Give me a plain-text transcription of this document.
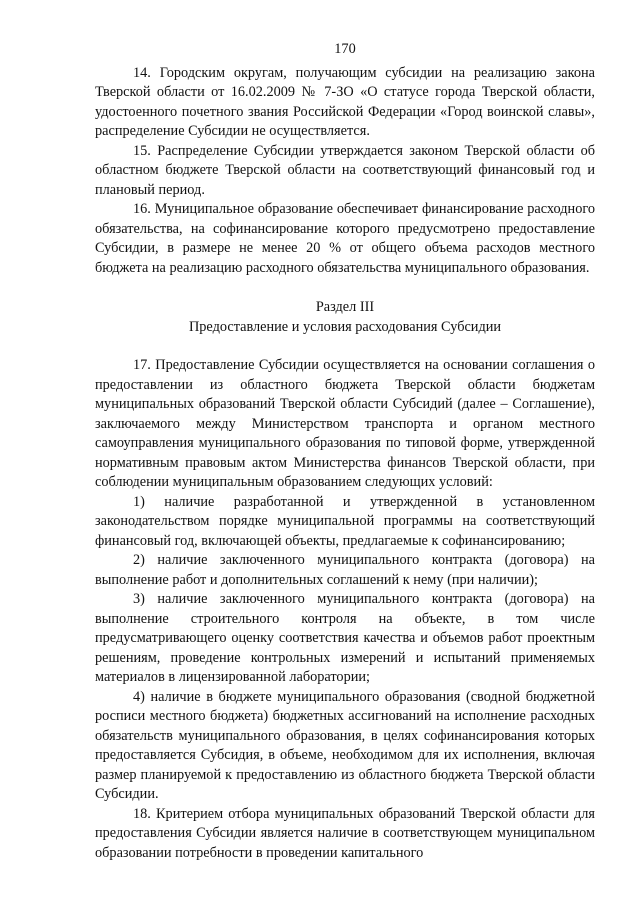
170

14. Городским округам, получающим субсидии на реализацию закона Тверской области от 16.02.2009 № 7-ЗО «О статусе города Тверской области, удостоенного почетного звания Российской Федерации «Город воинской славы», распределение Субсидии не осуществляется.

15. Распределение Субсидии утверждается законом Тверской области об областном бюджете Тверской области на соответствующий финансовый год и плановый период.

16. Муниципальное образование обеспечивает финансирование расходного обязательства, на софинансирование которого предусмотрено предоставление Субсидии, в размере не менее 20 % от общего объема расходов местного бюджета на реализацию расходного обязательства муниципального образования.

Раздел III

Предоставление и условия расходования Субсидии

17. Предоставление Субсидии осуществляется на основании соглашения о предоставлении из областного бюджета Тверской области бюджетам муниципальных образований Тверской области Субсидий (далее – Соглашение), заключаемого между Министерством транспорта и органом местного самоуправления муниципального образования по типовой форме, утвержденной нормативным правовым актом Министерства финансов Тверской области, при соблюдении муниципальным образованием следующих условий:

1) наличие разработанной и утвержденной в установленном законодательством порядке муниципальной программы на соответствующий финансовый год, включающей объекты, предлагаемые к софинансированию;

2) наличие заключенного муниципального контракта (договора) на выполнение работ и дополнительных соглашений к нему (при наличии);

3) наличие заключенного муниципального контракта (договора) на выполнение строительного контроля на объекте, в том числе предусматривающего оценку соответствия качества и объемов работ проектным решениям, проведение контрольных измерений и испытаний применяемых материалов в лицензированной лаборатории;

4) наличие в бюджете муниципального образования (сводной бюджетной росписи местного бюджета) бюджетных ассигнований на исполнение расходных обязательств муниципального образования, в целях софинансирования которых предоставляется Субсидия, в объеме, необходимом для их исполнения, включая размер планируемой к предоставлению из областного бюджета Тверской области Субсидии.

18. Критерием отбора муниципальных образований Тверской области для предоставления Субсидии является наличие в соответствующем муниципальном образовании потребности в проведении капитального
